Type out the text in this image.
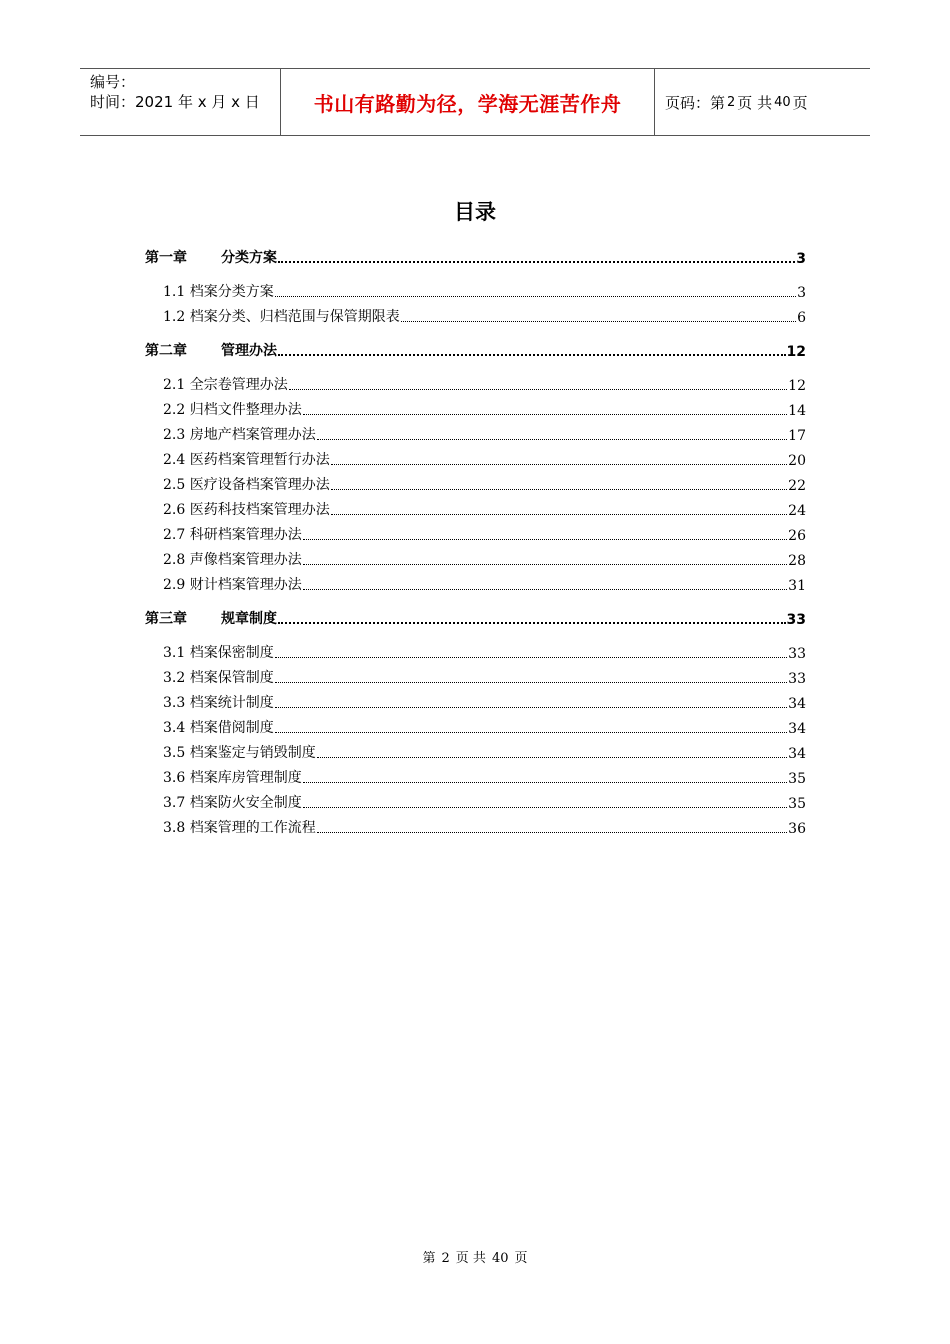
编号：
时间：2021 年 x 月 x 日	书山有路勤为径，学海无涯苦作舟	页码：第 2 页 共 40 页
目录
第一章	分类方案	3
1.1 档案分类方案	3
1.2 档案分类、归档范围与保管期限表	6
第二章	管理办法	12
2.1 全宗卷管理办法	12
2.2 归档文件整理办法	14
2.3 房地产档案管理办法	17
2.4 医药档案管理暂行办法	20
2.5 医疗设备档案管理办法	22
2.6 医药科技档案管理办法	24
2.7 科研档案管理办法	26
2.8 声像档案管理办法	28
2.9 财计档案管理办法	31
第三章	规章制度	33
3.1 档案保密制度	33
3.2 档案保管制度	33
3.3 档案统计制度	34
3.4 档案借阅制度	34
3.5 档案鉴定与销毁制度	34
3.6 档案库房管理制度	35
3.7 档案防火安全制度	35
3.8 档案管理的工作流程	36
第 2 页 共 40 页
